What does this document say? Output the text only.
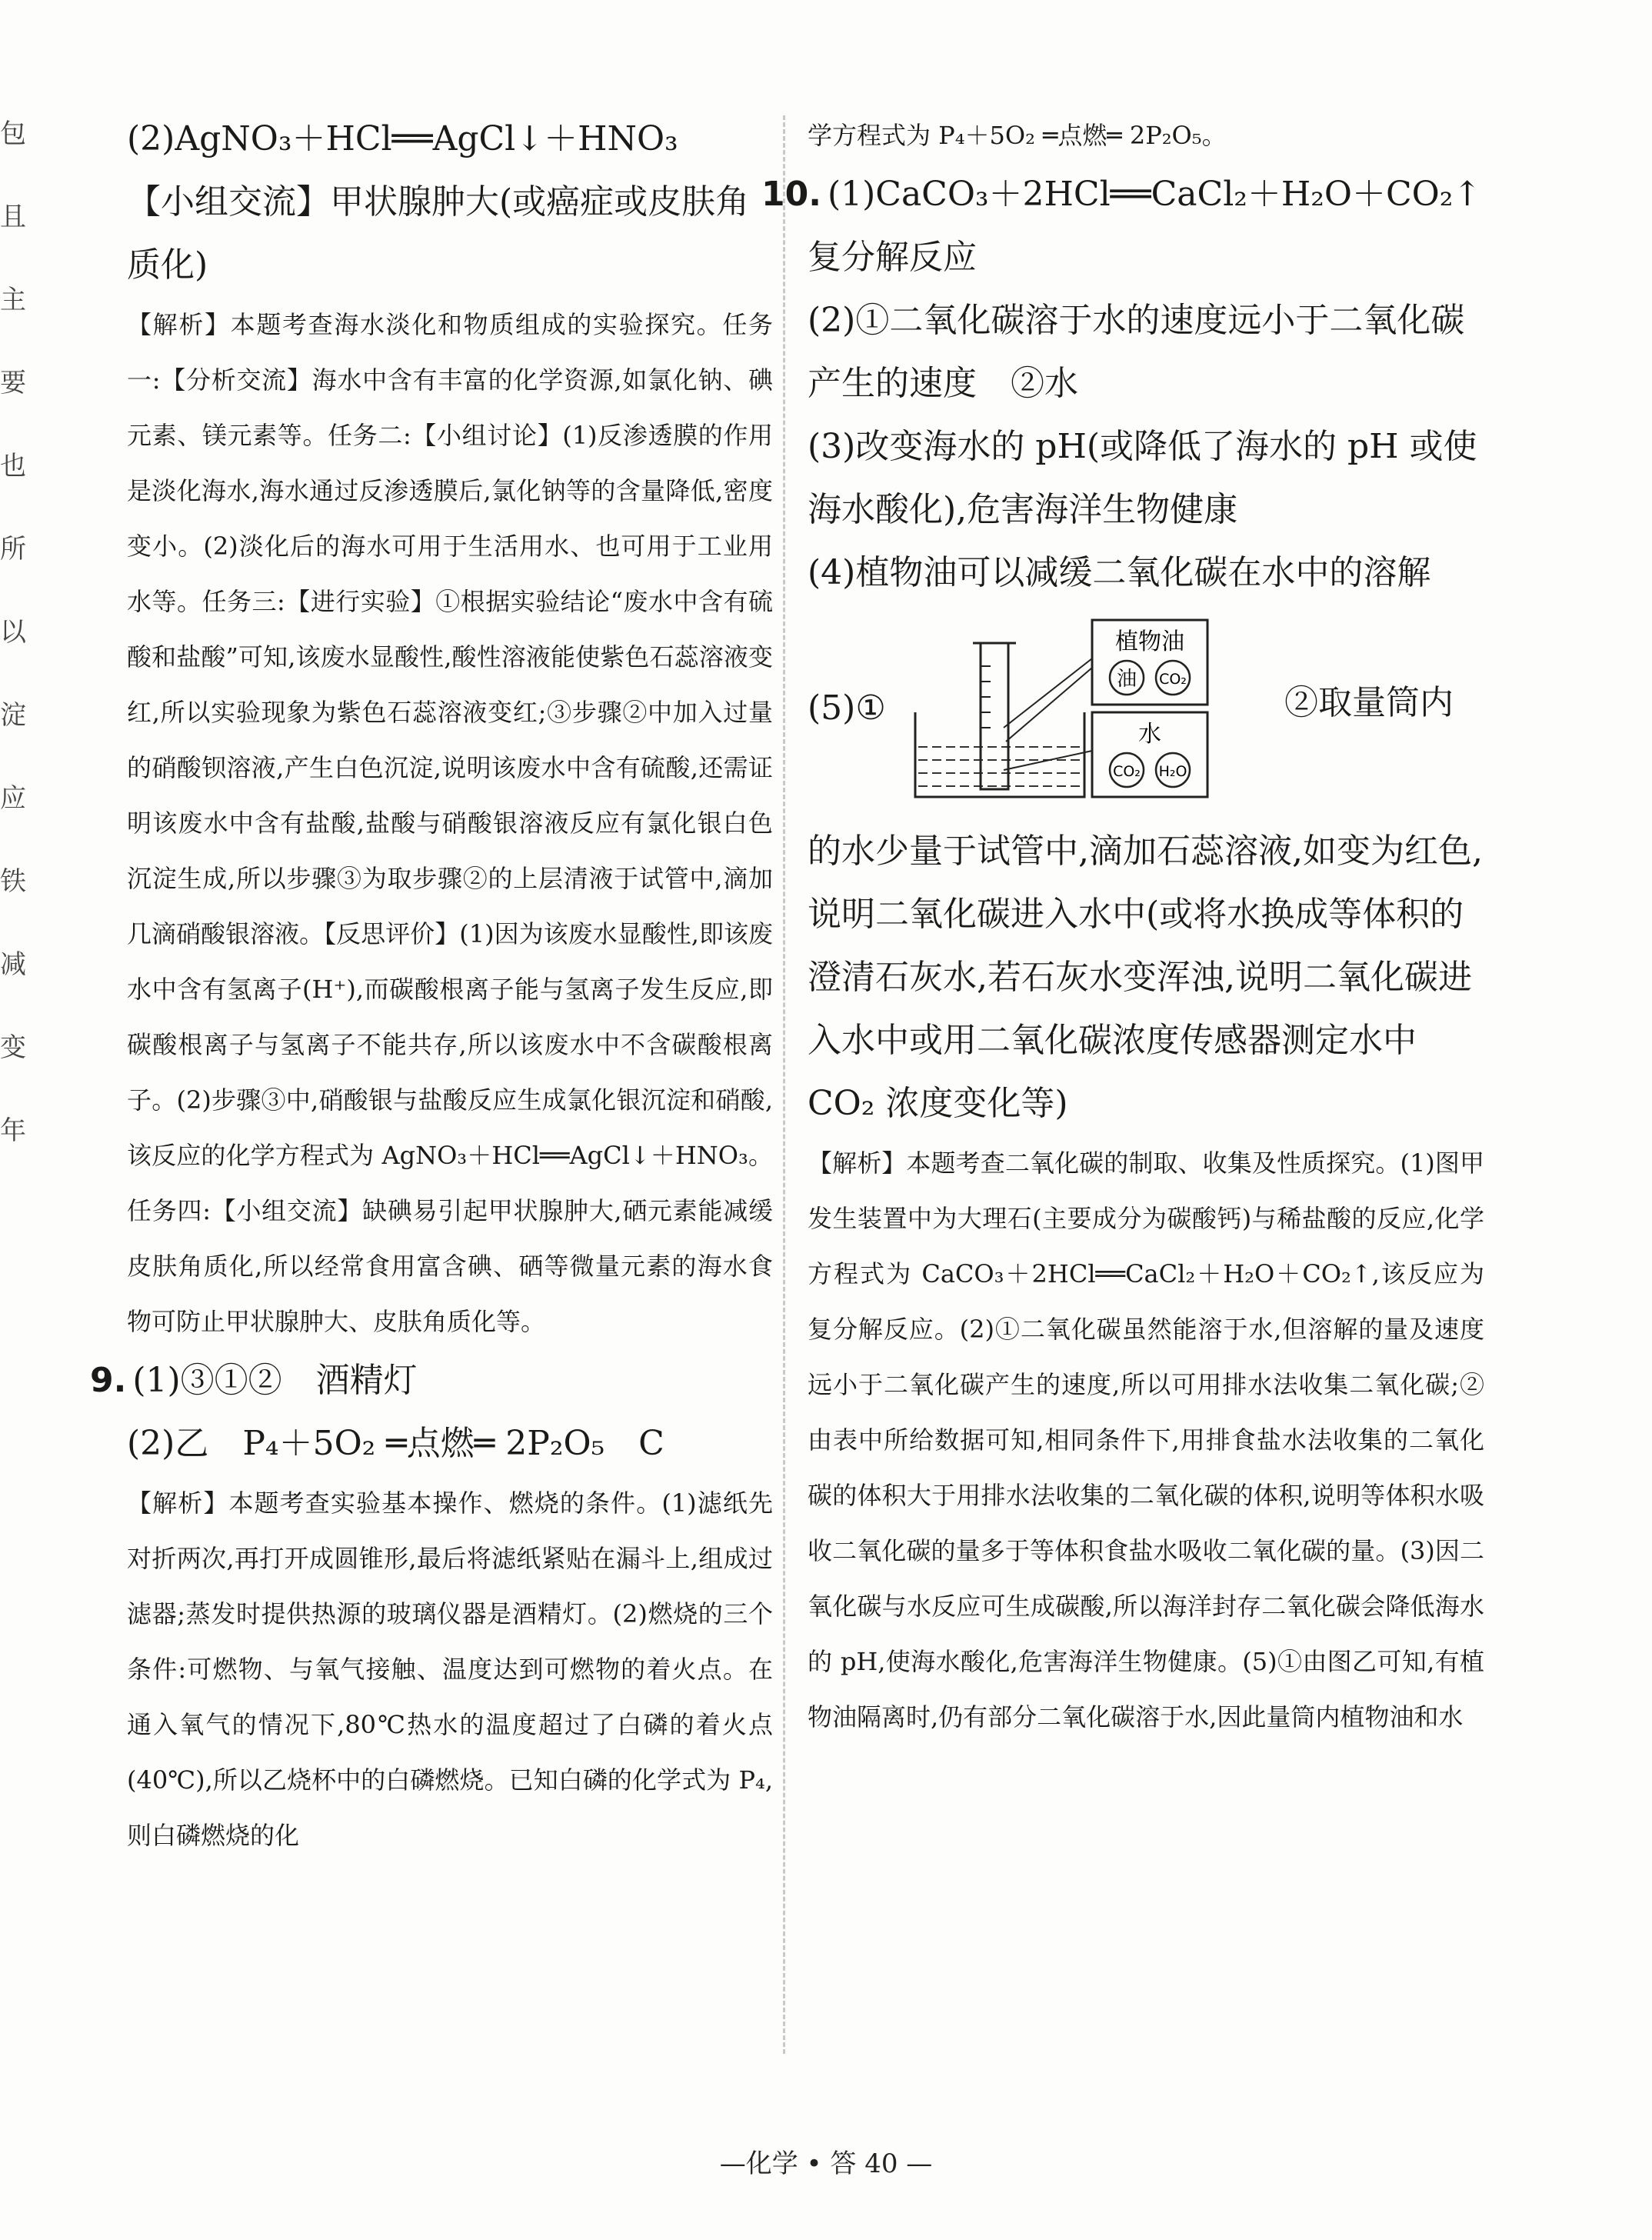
包且主要也所以淀应铁减变年

(2)AgNO₃＋HCl══AgCl↓＋HNO₃

【小组交流】甲状腺肿大(或癌症或皮肤角质化)

【解析】本题考查海水淡化和物质组成的实验探究。任务一:【分析交流】海水中含有丰富的化学资源,如氯化钠、碘元素、镁元素等。任务二:【小组讨论】(1)反渗透膜的作用是淡化海水,海水通过反渗透膜后,氯化钠等的含量降低,密度变小。(2)淡化后的海水可用于生活用水、也可用于工业用水等。任务三:【进行实验】①根据实验结论“废水中含有硫酸和盐酸”可知,该废水显酸性,酸性溶液能使紫色石蕊溶液变红,所以实验现象为紫色石蕊溶液变红;③步骤②中加入过量的硝酸钡溶液,产生白色沉淀,说明该废水中含有硫酸,还需证明该废水中含有盐酸,盐酸与硝酸银溶液反应有氯化银白色沉淀生成,所以步骤③为取步骤②的上层清液于试管中,滴加几滴硝酸银溶液。【反思评价】(1)因为该废水显酸性,即该废水中含有氢离子(H⁺),而碳酸根离子能与氢离子发生反应,即碳酸根离子与氢离子不能共存,所以该废水中不含碳酸根离子。(2)步骤③中,硝酸银与盐酸反应生成氯化银沉淀和硝酸,该反应的化学方程式为 AgNO₃＋HCl══AgCl↓＋HNO₃。任务四:【小组交流】缺碘易引起甲状腺肿大,硒元素能减缓皮肤角质化,所以经常食用富含碘、硒等微量元素的海水食物可防止甲状腺肿大、皮肤角质化等。

9. (1)③①②　酒精灯

(2)乙　P₄＋5O₂ ═点燃═ 2P₂O₅　C

【解析】本题考查实验基本操作、燃烧的条件。(1)滤纸先对折两次,再打开成圆锥形,最后将滤纸紧贴在漏斗上,组成过滤器;蒸发时提供热源的玻璃仪器是酒精灯。(2)燃烧的三个条件:可燃物、与氧气接触、温度达到可燃物的着火点。在通入氧气的情况下,80℃热水的温度超过了白磷的着火点(40℃),所以乙烧杯中的白磷燃烧。已知白磷的化学式为 P₄,则白磷燃烧的化

学方程式为 P₄＋5O₂ ═点燃═ 2P₂O₅。

10. (1)CaCO₃＋2HCl══CaCl₂＋H₂O＋CO₂↑　复分解反应

(2)①二氧化碳溶于水的速度远小于二氧化碳产生的速度　②水

(3)改变海水的 pH(或降低了海水的 pH 或使海水酸化),危害海洋生物健康

(4)植物油可以减缓二氧化碳在水中的溶解

(5)①
植物油
油 CO₂
水
CO₂ H₂O
②取量筒内

的水少量于试管中,滴加石蕊溶液,如变为红色,说明二氧化碳进入水中(或将水换成等体积的澄清石灰水,若石灰水变浑浊,说明二氧化碳进入水中或用二氧化碳浓度传感器测定水中 CO₂ 浓度变化等)

【解析】本题考查二氧化碳的制取、收集及性质探究。(1)图甲发生装置中为大理石(主要成分为碳酸钙)与稀盐酸的反应,化学方程式为 CaCO₃＋2HCl══CaCl₂＋H₂O＋CO₂↑,该反应为复分解反应。(2)①二氧化碳虽然能溶于水,但溶解的量及速度远小于二氧化碳产生的速度,所以可用排水法收集二氧化碳;②由表中所给数据可知,相同条件下,用排食盐水法收集的二氧化碳的体积大于用排水法收集的二氧化碳的体积,说明等体积水吸收二氧化碳的量多于等体积食盐水吸收二氧化碳的量。(3)因二氧化碳与水反应可生成碳酸,所以海洋封存二氧化碳会降低海水的 pH,使海水酸化,危害海洋生物健康。(5)①由图乙可知,有植物油隔离时,仍有部分二氧化碳溶于水,因此量筒内植物油和水

—化学 • 答 40 —
